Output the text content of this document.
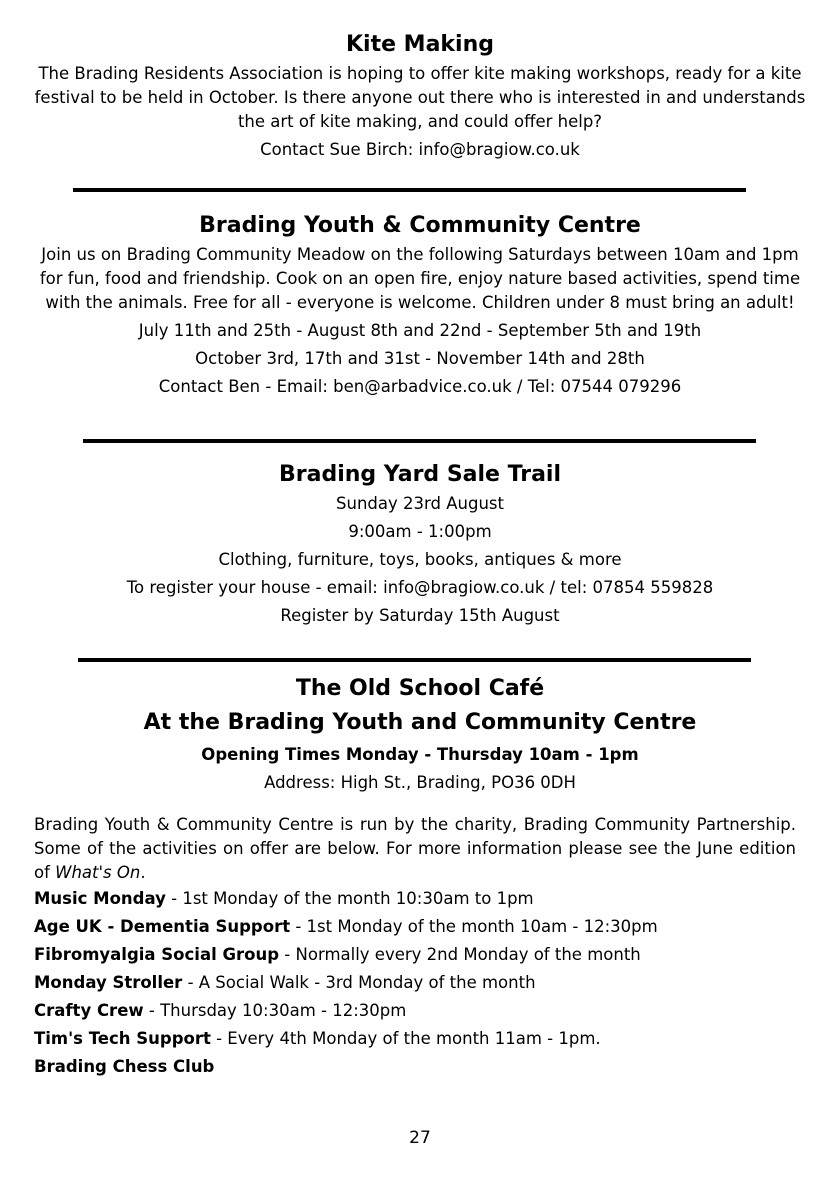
Kite Making

The Brading Residents Association is hoping to offer kite making workshops, ready for a kite festival to be held in October. Is there anyone out there who is interested in and understands the art of kite making, and could offer help?

Contact Sue Birch: info@bragiow.co.uk

Brading Youth & Community Centre

Join us on Brading Community Meadow on the following Saturdays between 10am and 1pm for fun, food and friendship. Cook on an open fire, enjoy nature based activities, spend time with the animals. Free for all - everyone is welcome. Children under 8 must bring an adult!

July 11th and 25th - August 8th and 22nd - September 5th and 19th

October 3rd, 17th and 31st - November 14th and 28th

Contact Ben - Email: ben@arbadvice.co.uk / Tel: 07544 079296

Brading Yard Sale Trail

Sunday 23rd August

9:00am - 1:00pm

Clothing, furniture, toys, books, antiques & more

To register your house - email: info@bragiow.co.uk / tel: 07854 559828

Register by Saturday 15th August

The Old School Café
At the Brading Youth and Community Centre

Opening Times Monday - Thursday 10am - 1pm

Address: High St., Brading, PO36 0DH

Brading Youth & Community Centre is run by the charity, Brading Community Partnership. Some of the activities on offer are below. For more information please see the June edition of What's On.

Music Monday - 1st Monday of the month 10:30am to 1pm

Age UK - Dementia Support - 1st Monday of the month 10am - 12:30pm

Fibromyalgia Social Group - Normally every 2nd Monday of the month

Monday Stroller - A Social Walk - 3rd Monday of the month

Crafty Crew - Thursday 10:30am - 12:30pm

Tim's Tech Support - Every 4th Monday of the month 11am - 1pm.

Brading Chess Club

27
